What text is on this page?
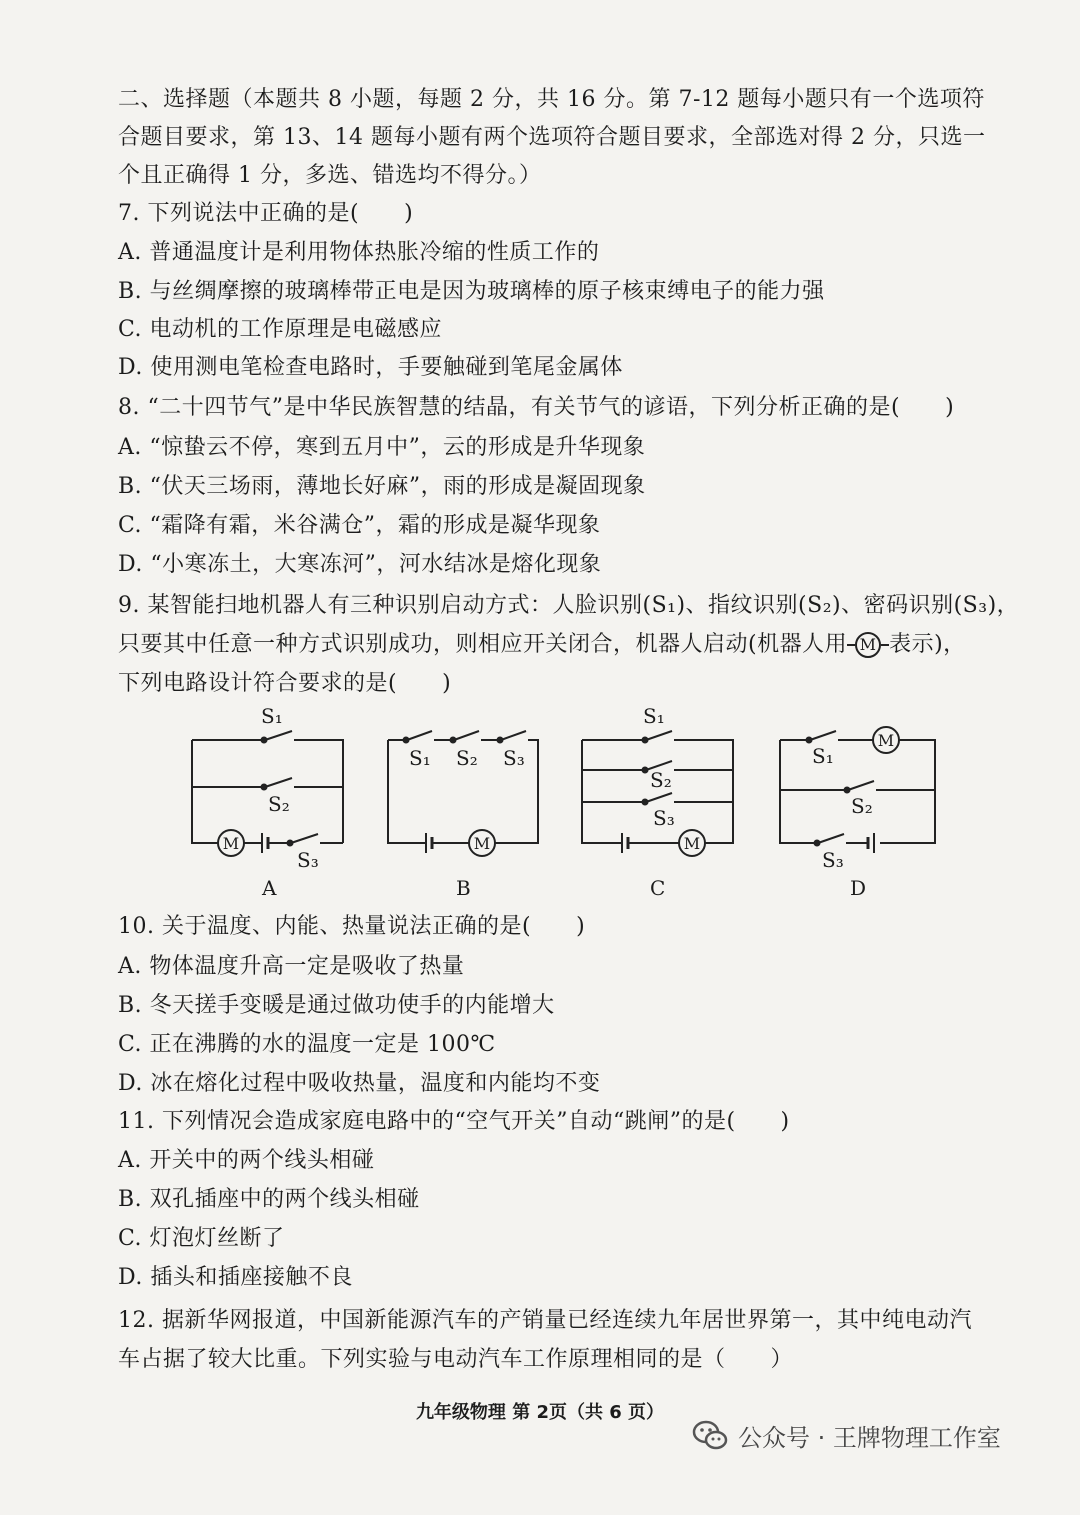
二、选择题（本题共 8 小题，每题 2 分，共 16 分。第 7-12 题每小题只有一个选项符
合题目要求，第 13、14 题每小题有两个选项符合题目要求，全部选对得 2 分，只选一
个且正确得 1 分，多选、错选均不得分。）
7. 下列说法中正确的是(　　)
A. 普通温度计是利用物体热胀冷缩的性质工作的
B. 与丝绸摩擦的玻璃棒带正电是因为玻璃棒的原子核束缚电子的能力强
C. 电动机的工作原理是电磁感应
D. 使用测电笔检查电路时，手要触碰到笔尾金属体
8. “二十四节气”是中华民族智慧的结晶，有关节气的谚语，下列分析正确的是(　　)
A. “惊蛰云不停，寒到五月中”，云的形成是升华现象
B. “伏天三场雨，薄地长好麻”，雨的形成是凝固现象
C. “霜降有霜，米谷满仓”，霜的形成是凝华现象
D. “小寒冻土，大寒冻河”，河水结冰是熔化现象
9. 某智能扫地机器人有三种识别启动方式：人脸识别(S₁)、指纹识别(S₂)、密码识别(S₃)，
只要其中任意一种方式识别成功，则相应开关闭合，机器人启动(机器人用 M 表示)，
下列电路设计符合要求的是(　　)
S₁
S₂
S₃
M
A
S₁ S₂ S₃
M
B
S₁
S₂
S₃
M
C
S₁
S₂
S₃
M
D
10. 关于温度、内能、热量说法正确的是(　　)
A. 物体温度升高一定是吸收了热量
B. 冬天搓手变暖是通过做功使手的内能增大
C. 正在沸腾的水的温度一定是 100℃
D. 冰在熔化过程中吸收热量，温度和内能均不变
11. 下列情况会造成家庭电路中的“空气开关”自动“跳闸”的是(　　)
A. 开关中的两个线头相碰
B. 双孔插座中的两个线头相碰
C. 灯泡灯丝断了
D. 插头和插座接触不良
12. 据新华网报道，中国新能源汽车的产销量已经连续九年居世界第一，其中纯电动汽
车占据了较大比重。下列实验与电动汽车工作原理相同的是（　　）
九年级物理 第 2页（共 6 页）
公众号 · 王牌物理工作室
